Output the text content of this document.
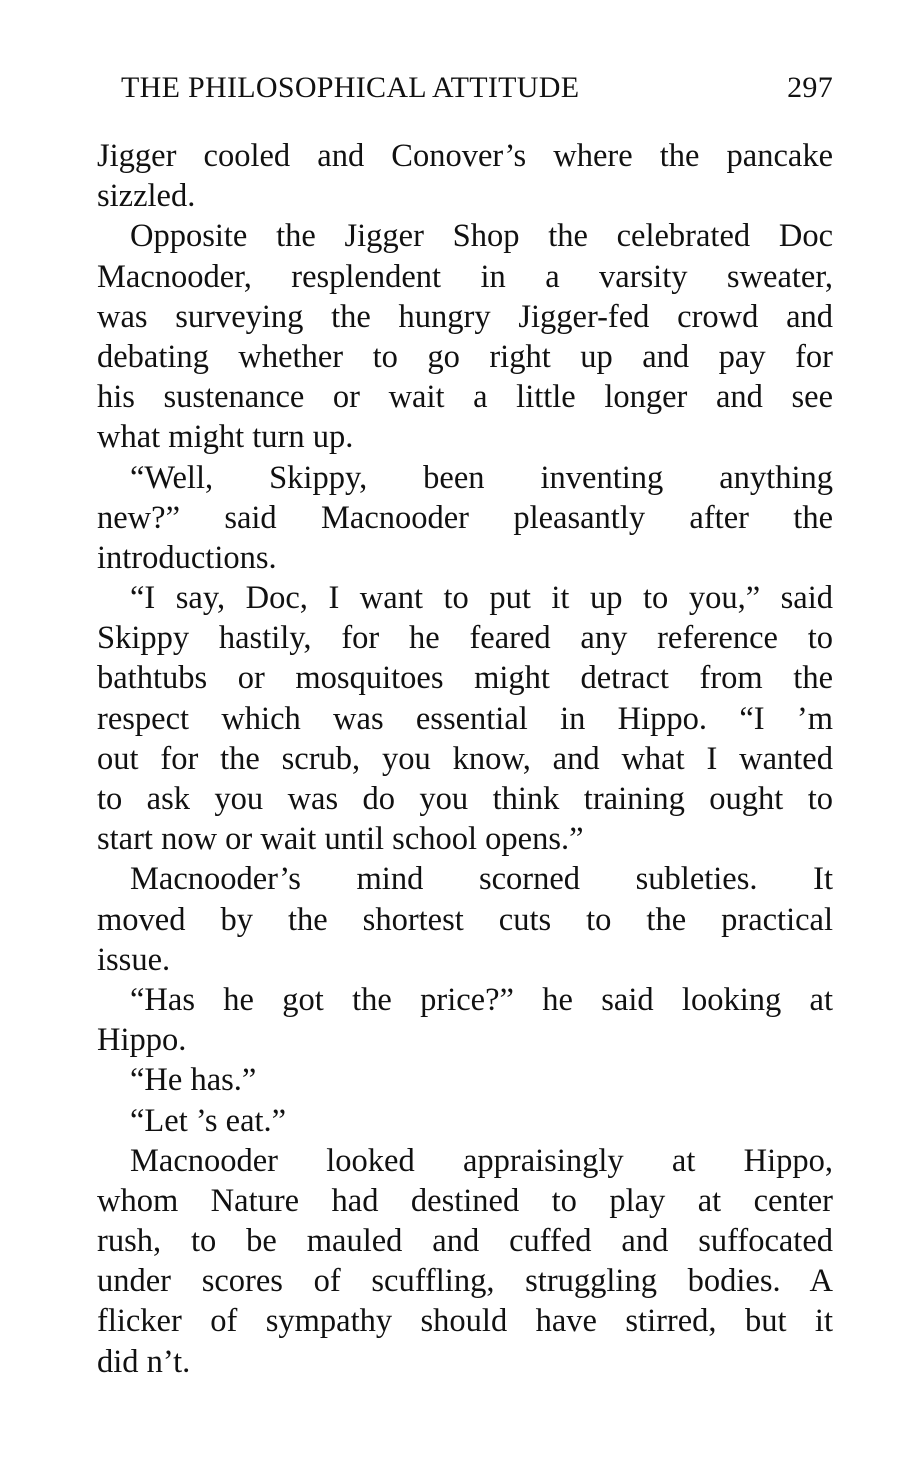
THE PHILOSOPHICAL ATTITUDE	297
Jigger cooled and Conover’s where the pancake
sizzled.
Opposite the Jigger Shop the celebrated Doc
Macnooder, resplendent in a varsity sweater,
was surveying the hungry Jigger-fed crowd and
debating whether to go right up and pay for
his sustenance or wait a little longer and see
what might turn up.
“Well, Skippy, been inventing anything
new?” said Macnooder pleasantly after the
introductions.
“I say, Doc, I want to put it up to you,” said
Skippy hastily, for he feared any reference to
bathtubs or mosquitoes might detract from the
respect which was essential in Hippo. “I ’m
out for the scrub, you know, and what I wanted
to ask you was do you think training ought to
start now or wait until school opens.”
Macnooder’s mind scorned subleties. It
moved by the shortest cuts to the practical
issue.
“Has he got the price?” he said looking at
Hippo.
“He has.”
“Let ’s eat.”
Macnooder looked appraisingly at Hippo,
whom Nature had destined to play at center
rush, to be mauled and cuffed and suffocated
under scores of scuffling, struggling bodies. A
flicker of sympathy should have stirred, but it
did n’t.
